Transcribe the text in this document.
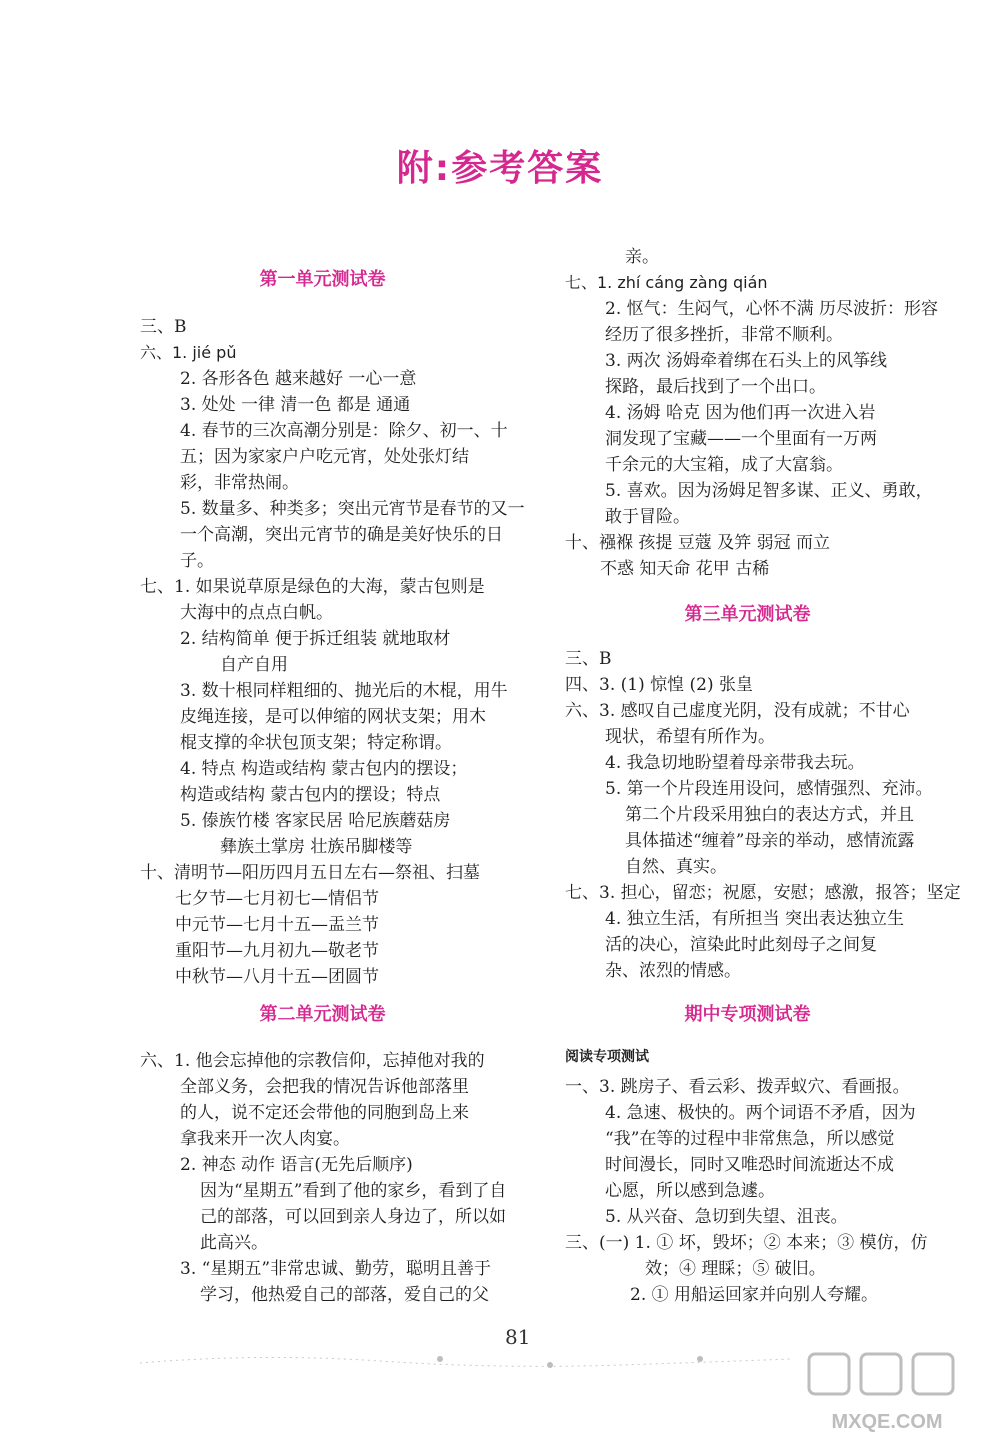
附:参考答案
第一单元测试卷
三、B
六、1. jié pǔ
2. 各形各色 越来越好 一心一意
3. 处处 一律 清一色 都是 通通
4. 春节的三次高潮分别是：除夕、初一、十
五；因为家家户户吃元宵，处处张灯结
彩，非常热闹。
5. 数量多、种类多；突出元宵节是春节的又一
一个高潮，突出元宵节的确是美好快乐的日
子。
七、1. 如果说草原是绿色的大海，蒙古包则是
大海中的点点白帆。
2. 结构简单 便于拆迁组装 就地取材
自产自用
3. 数十根同样粗细的、抛光后的木棍，用牛
皮绳连接，是可以伸缩的网状支架；用木
棍支撑的伞状包顶支架；特定称谓。
4. 特点 构造或结构 蒙古包内的摆设；
构造或结构 蒙古包内的摆设；特点
5. 傣族竹楼 客家民居 哈尼族蘑菇房
彝族土掌房 壮族吊脚楼等
十、清明节—阳历四月五日左右—祭祖、扫墓
七夕节—七月初七—情侣节
中元节—七月十五—盂兰节
重阳节—九月初九—敬老节
中秋节—八月十五—团圆节
第二单元测试卷
六、1. 他会忘掉他的宗教信仰，忘掉他对我的
全部义务，会把我的情况告诉他部落里
的人，说不定还会带他的同胞到岛上来
拿我来开一次人肉宴。
2. 神态 动作 语言(无先后顺序)
因为“星期五”看到了他的家乡，看到了自
己的部落，可以回到亲人身边了，所以如
此高兴。
3. “星期五”非常忠诚、勤劳，聪明且善于
学习，他热爱自己的部落，爱自己的父
亲。
七、1. zhí cáng zàng qián
2. 怄气：生闷气，心怀不满 历尽波折：形容
经历了很多挫折，非常不顺利。
3. 两次 汤姆牵着绑在石头上的风筝线
探路，最后找到了一个出口。
4. 汤姆 哈克 因为他们再一次进入岩
洞发现了宝藏——一个里面有一万两
千余元的大宝箱，成了大富翁。
5. 喜欢。因为汤姆足智多谋、正义、勇敢，
敢于冒险。
十、襁褓 孩提 豆蔻 及笄 弱冠 而立
不惑 知天命 花甲 古稀
第三单元测试卷
三、B
四、3. (1) 惊惶 (2) 张皇
六、3. 感叹自己虚度光阴，没有成就；不甘心
现状，希望有所作为。
4. 我急切地盼望着母亲带我去玩。
5. 第一个片段连用设问，感情强烈、充沛。
第二个片段采用独白的表达方式，并且
具体描述“缠着”母亲的举动，感情流露
自然、真实。
七、3. 担心，留恋；祝愿，安慰；感激，报答；坚定
4. 独立生活，有所担当 突出表达独立生
活的决心，渲染此时此刻母子之间复
杂、浓烈的情感。
期中专项测试卷
阅读专项测试
一、3. 跳房子、看云彩、拨弄蚁穴、看画报。
4. 急速、极快的。两个词语不矛盾，因为
“我”在等的过程中非常焦急，所以感觉
时间漫长，同时又唯恐时间流逝达不成
心愿，所以感到急遽。
5. 从兴奋、急切到失望、沮丧。
三、(一) 1. ① 坏，毁坏；② 本来；③ 模仿，仿
效；④ 理睬；⑤ 破旧。
2. ① 用船运回家并向别人夸耀。
81
MXQE.COM
